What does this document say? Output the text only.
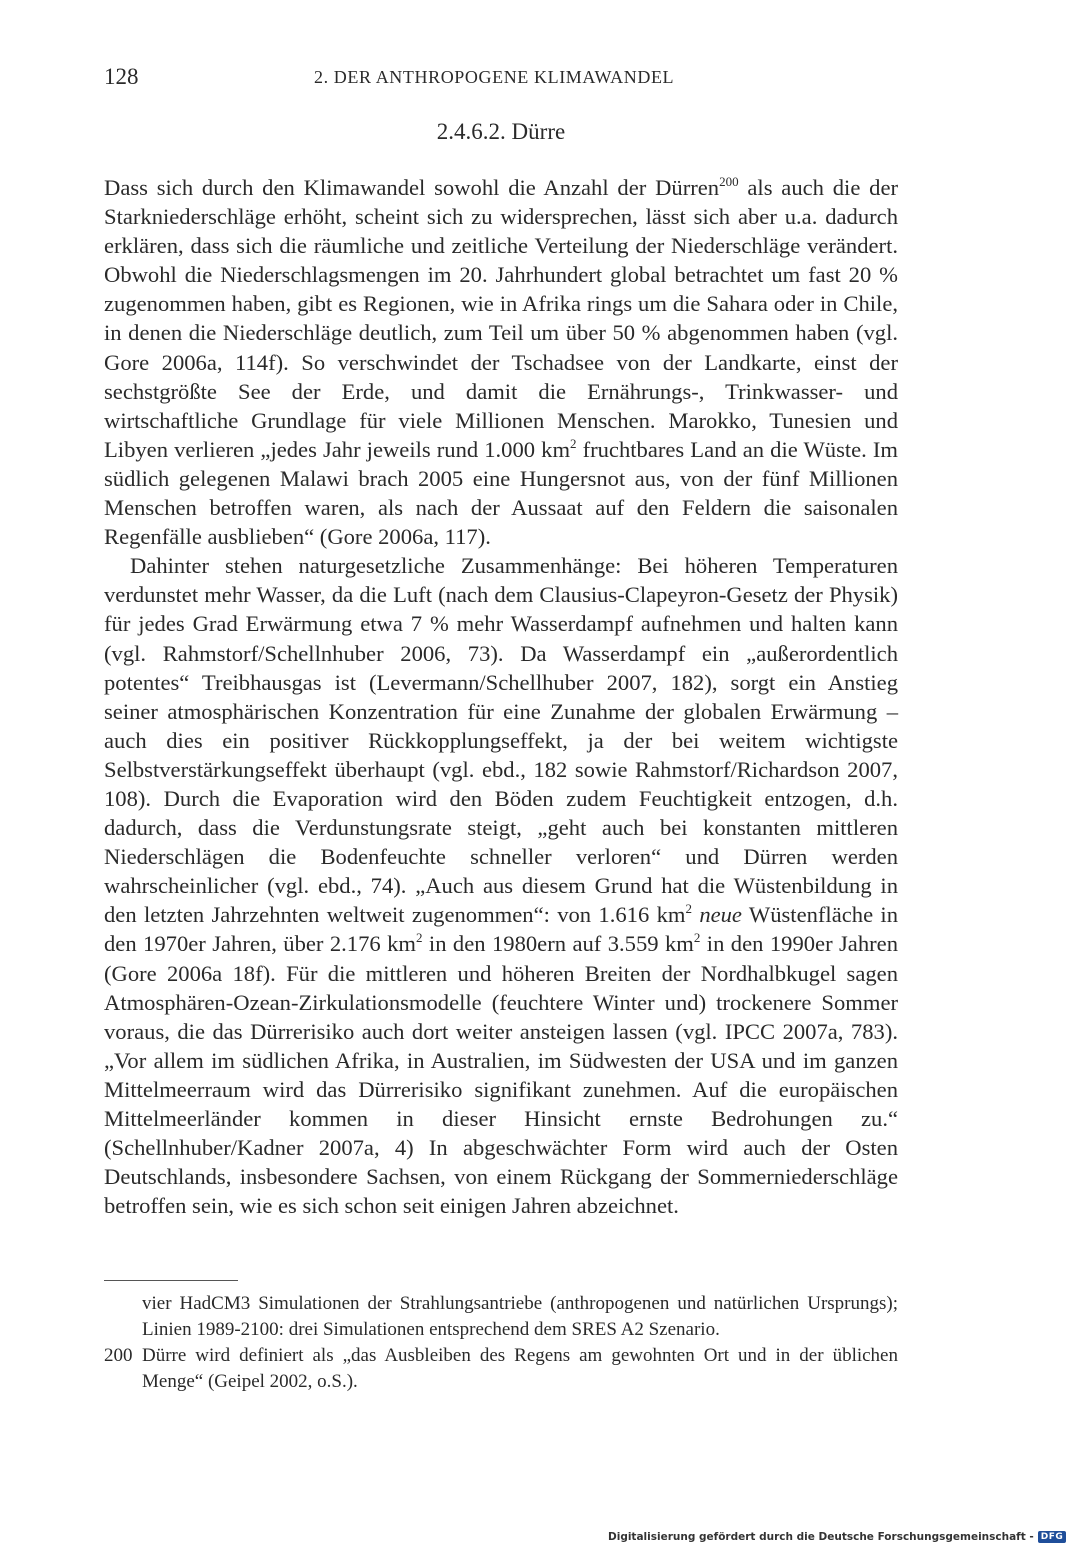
128	2. DER ANTHROPOGENE KLIMAWANDEL
2.4.6.2. Dürre

Dass sich durch den Klimawandel sowohl die Anzahl der Dürren$^{200}$ als auch die der Starkniederschläge erhöht, scheint sich zu widersprechen, lässt sich aber u.a. dadurch erklären, dass sich die räumliche und zeitliche Verteilung der Niederschläge verändert. Obwohl die Niederschlagsmengen im 20. Jahrhundert global betrachtet um fast 20 % zugenommen haben, gibt es Regionen, wie in Afrika rings um die Sahara oder in Chile, in denen die Niederschläge deutlich, zum Teil um über 50 % abgenommen haben (vgl. Gore 2006a, 114f). So verschwindet der Tschadsee von der Landkarte, einst der sechstgrößte See der Erde, und damit die Ernährungs-, Trinkwasser- und wirtschaftliche Grundlage für viele Millionen Menschen. Marokko, Tunesien und Libyen verlieren „jedes Jahr jeweils rund 1.000 $km^2$ fruchtbares Land an die Wüste. Im südlich gelegenen Malawi brach 2005 eine Hungersnot aus, von der fünf Millionen Menschen betroffen waren, als nach der Aussaat auf den Feldern die saisonalen Regenfälle ausblieben“ (Gore 2006a, 117).

Dahinter stehen naturgesetzliche Zusammenhänge: Bei höheren Temperaturen verdunstet mehr Wasser, da die Luft (nach dem Clausius-Clapeyron-Gesetz der Physik) für jedes Grad Erwärmung etwa 7 % mehr Wasserdampf aufnehmen und halten kann (vgl. Rahmstorf/Schellnhuber 2006, 73). Da Wasserdampf ein „außerordentlich potentes“ Treibhausgas ist (Levermann/Schellhuber 2007, 182), sorgt ein Anstieg seiner atmosphärischen Konzentration für eine Zunahme der globalen Erwärmung – auch dies ein positiver Rückkopplungseffekt, ja der bei weitem wichtigste Selbstverstärkungseffekt überhaupt (vgl. ebd., 182 sowie Rahmstorf/Richardson 2007, 108). Durch die Evaporation wird den Böden zudem Feuchtigkeit entzogen, d.h. dadurch, dass die Verdunstungsrate steigt, „geht auch bei konstanten mittleren Niederschlägen die Bodenfeuchte schneller verloren“ und Dürren werden wahrscheinlicher (vgl. ebd., 74). „Auch aus diesem Grund hat die Wüstenbildung in den letzten Jahrzehnten weltweit zugenommen“: von 1.616 $km^2$ neue Wüstenfläche in den 1970er Jahren, über 2.176 $km^2$ in den 1980ern auf 3.559 $km^2$ in den 1990er Jahren (Gore 2006a 18f). Für die mittleren und höheren Breiten der Nordhalbkugel sagen Atmosphären-Ozean-Zirkulationsmodelle (feuchtere Winter und) trockenere Sommer voraus, die das Dürrerisiko auch dort weiter ansteigen lassen (vgl. IPCC 2007a, 783). „Vor allem im südlichen Afrika, in Australien, im Südwesten der USA und im ganzen Mittelmeerraum wird das Dürrerisiko signifikant zunehmen. Auf die europäischen Mittelmeerländer kommen in dieser Hinsicht ernste Bedrohungen zu.“ (Schellnhuber/Kadner 2007a, 4) In abgeschwächter Form wird auch der Osten Deutschlands, insbesondere Sachsen, von einem Rückgang der Sommerniederschläge betroffen sein, wie es sich schon seit einigen Jahren abzeichnet.

vier HadCM3 Simulationen der Strahlungsantriebe (anthropogenen und natürlichen Ursprungs); Linien 1989-2100: drei Simulationen entsprechend dem SRES A2 Szenario.
200 Dürre wird definiert als „das Ausbleiben des Regens am gewohnten Ort und in der üblichen Menge“ (Geipel 2002, o.S.).
Digitalisierung gefördert durch die Deutsche Forschungsgemeinschaft - DFG
